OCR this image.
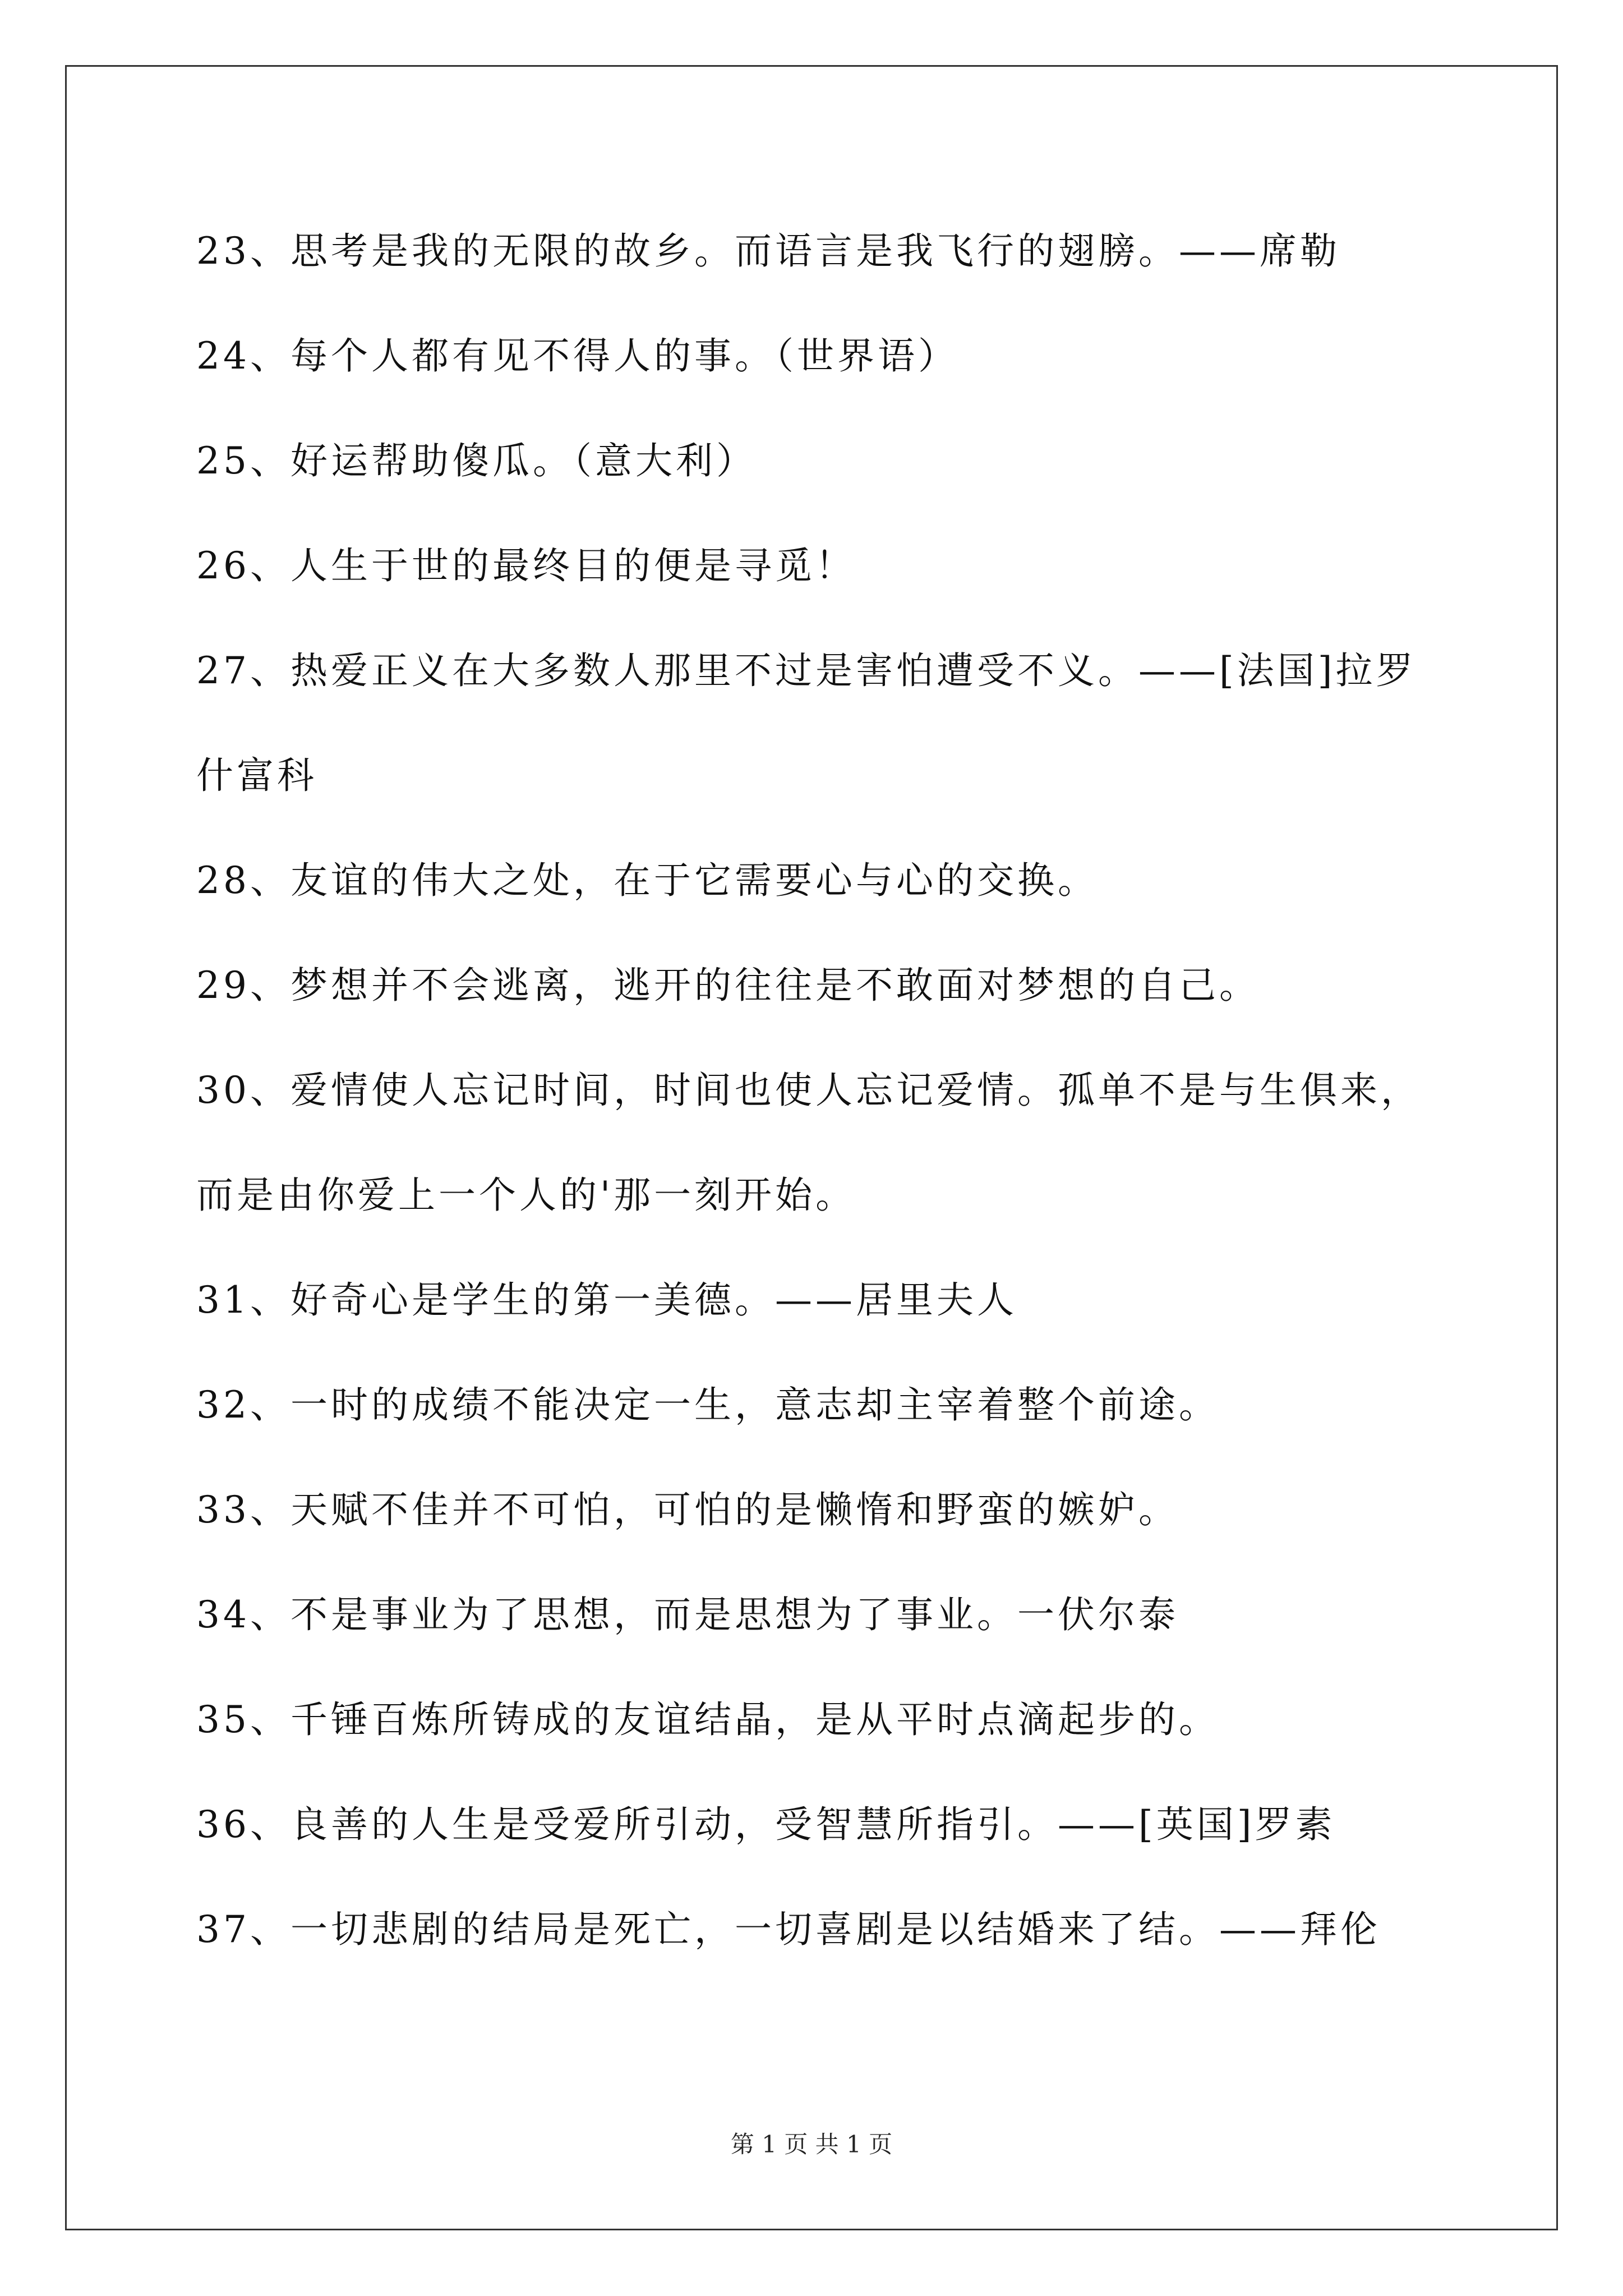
23、思考是我的无限的故乡。而语言是我飞行的翅膀。——席勒
24、每个人都有见不得人的事。（世界语）
25、好运帮助傻瓜。（意大利）
26、人生于世的最终目的便是寻觅！
27、热爱正义在大多数人那里不过是害怕遭受不义。——[法国]拉罗
什富科
28、友谊的伟大之处，在于它需要心与心的交换。
29、梦想并不会逃离，逃开的往往是不敢面对梦想的自己。
30、爱情使人忘记时间，时间也使人忘记爱情。孤单不是与生俱来，
而是由你爱上一个人的'那一刻开始。
31、好奇心是学生的第一美德。——居里夫人
32、一时的成绩不能决定一生，意志却主宰着整个前途。
33、天赋不佳并不可怕，可怕的是懒惰和野蛮的嫉妒。
34、不是事业为了思想，而是思想为了事业。一伏尔泰
35、千锤百炼所铸成的友谊结晶，是从平时点滴起步的。
36、良善的人生是受爱所引动，受智慧所指引。——[英国]罗素
37、一切悲剧的结局是死亡，一切喜剧是以结婚来了结。——拜伦
第 1 页 共 1 页
